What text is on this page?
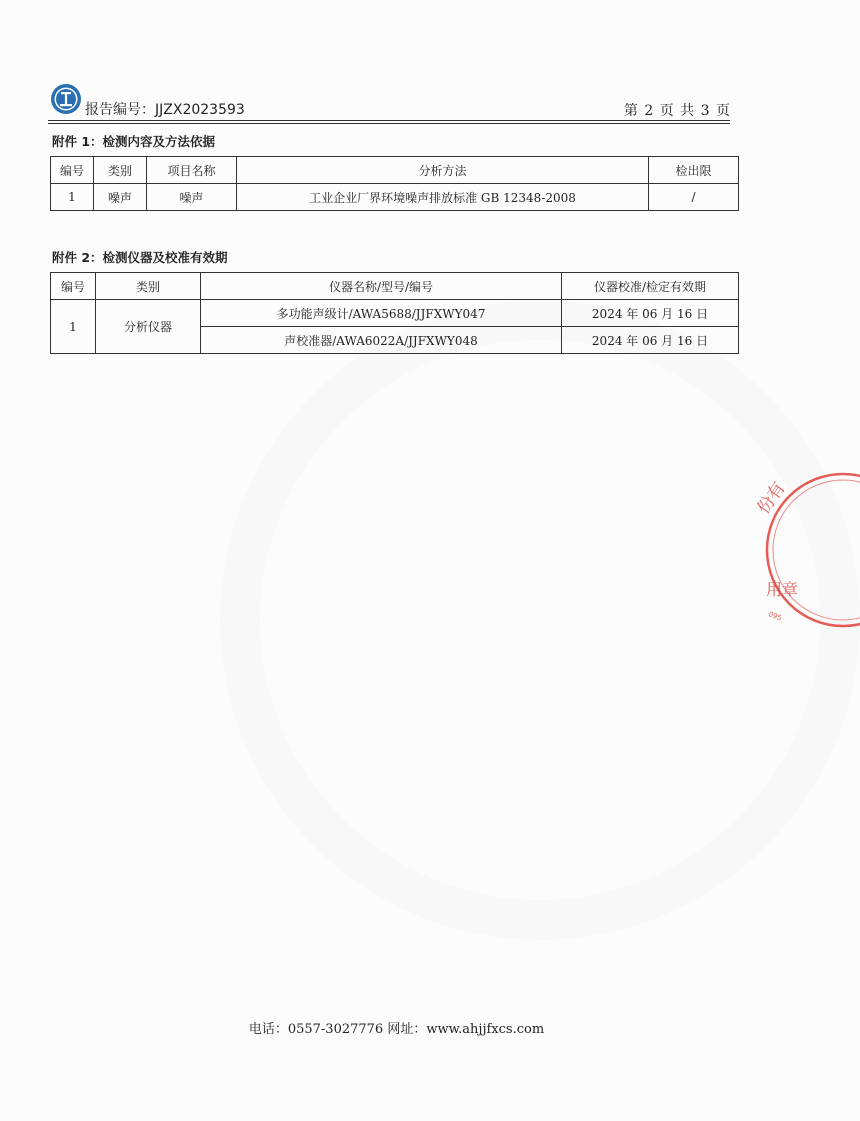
报告编号：JJZX2023593	第 2 页 共 3 页
附件 1：检测内容及方法依据
编号	类别	项目名称	分析方法	检出限
1	噪声	噪声	工业企业厂界环境噪声排放标准 GB 12348-2008	/
附件 2：检测仪器及校准有效期
编号	类别	仪器名称/型号/编号	仪器校准/检定有效期
1	分析仪器	多功能声级计/AWA5688/JJFXWY047	2024 年 06 月 16 日
		声校准器/AWA6022A/JJFXWY048	2024 年 06 月 16 日
份有
用章
095
电话：0557-3027776 网址：www.ahjjfxcs.com
